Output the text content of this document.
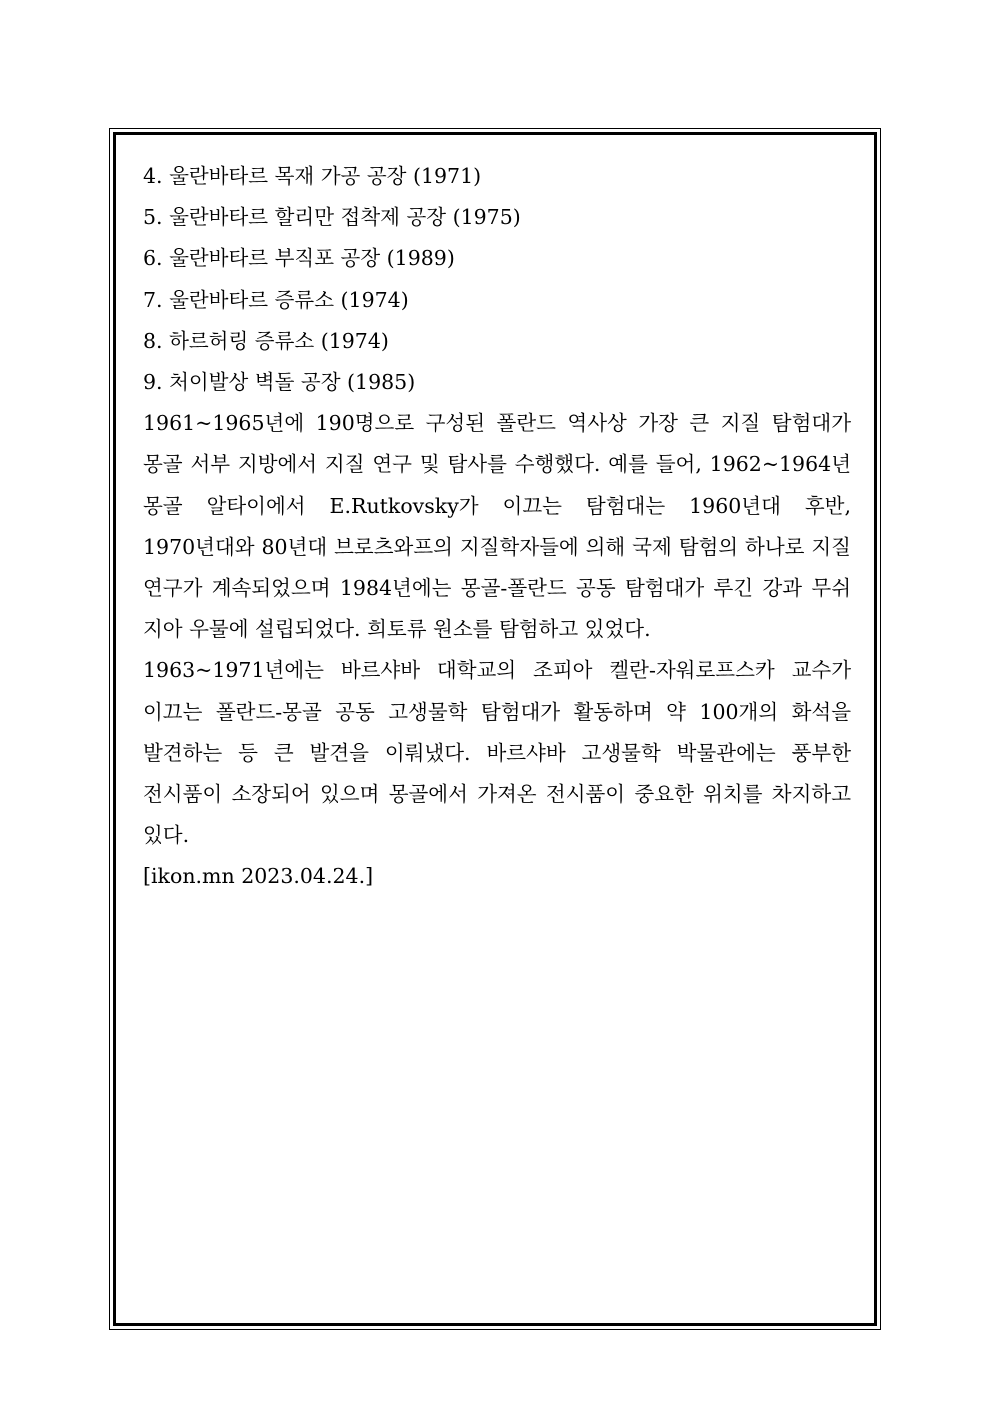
4. 울란바타르 목재 가공 공장 (1971)
5. 울란바타르 할리만 접착제 공장 (1975)
6. 울란바타르 부직포 공장 (1989)
7. 울란바타르 증류소 (1974)
8. 하르허링 증류소 (1974)
9. 처이발상 벽돌 공장 (1985)

1961~1965년에 190명으로 구성된 폴란드 역사상 가장 큰 지질 탐험대가 몽골 서부 지방에서 지질 연구 및 탐사를 수행했다. 예를 들어, 1962~1964년 몽골 알타이에서 E.Rutkovsky가 이끄는 탐험대는 1960년대 후반, 1970년대와 80년대 브로츠와프의 지질학자들에 의해 국제 탐험의 하나로 지질 연구가 계속되었으며 1984년에는 몽골-폴란드 공동 탐험대가 루긴 강과 무쉬 지아 우물에 설립되었다. 희토류 원소를 탐험하고 있었다.

1963~1971년에는 바르샤바 대학교의 조피아 켈란-자워로프스카 교수가 이끄는 폴란드-몽골 공동 고생물학 탐험대가 활동하며 약 100개의 화석을 발견하는 등 큰 발견을 이뤄냈다. 바르샤바 고생물학 박물관에는 풍부한 전시품이 소장되어 있으며 몽골에서 가져온 전시품이 중요한 위치를 차지하고 있다.

[ikon.mn 2023.04.24.]
